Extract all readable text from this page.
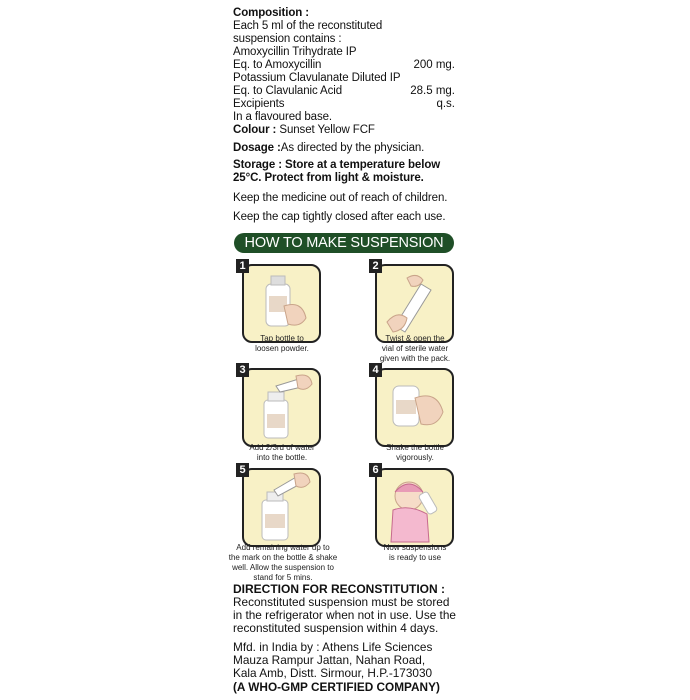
Composition :
Each 5 ml of the reconstituted
suspension contains :
Amoxycillin Trihydrate IP
Eq. to Amoxycillin	200 mg.
Potassium Clavulanate Diluted IP
Eq. to Clavulanic Acid	28.5 mg.
Excipients	q.s.
In a flavoured base.
Colour : Sunset Yellow FCF
Dosage :As directed by the physician.
Storage : Store at a temperature below
25°C. Protect from light & moisture.
Keep the medicine out of reach of children.
Keep the cap tightly closed after each use.
HOW TO MAKE SUSPENSION
1
Tap bottle to
loosen powder.
2
Twist & open the
vial of sterile water
given with the pack.
3
Add 2/3rd of water
into the bottle.
4
Shake the bottle
vigorously.
5
Add remaining water up to
the mark on the bottle & shake
well. Allow the suspension to
stand for 5 mins.
6
Now suspensions
is ready to use
DIRECTION FOR RECONSTITUTION :
Reconstituted suspension must be stored
in the refrigerator when not in use. Use the
reconstituted suspension within 4 days.
Mfd. in India by : Athens Life Sciences
Mauza Rampur Jattan, Nahan Road,
Kala Amb, Distt. Sirmour, H.P.-173030
(A WHO-GMP CERTIFIED COMPANY)
